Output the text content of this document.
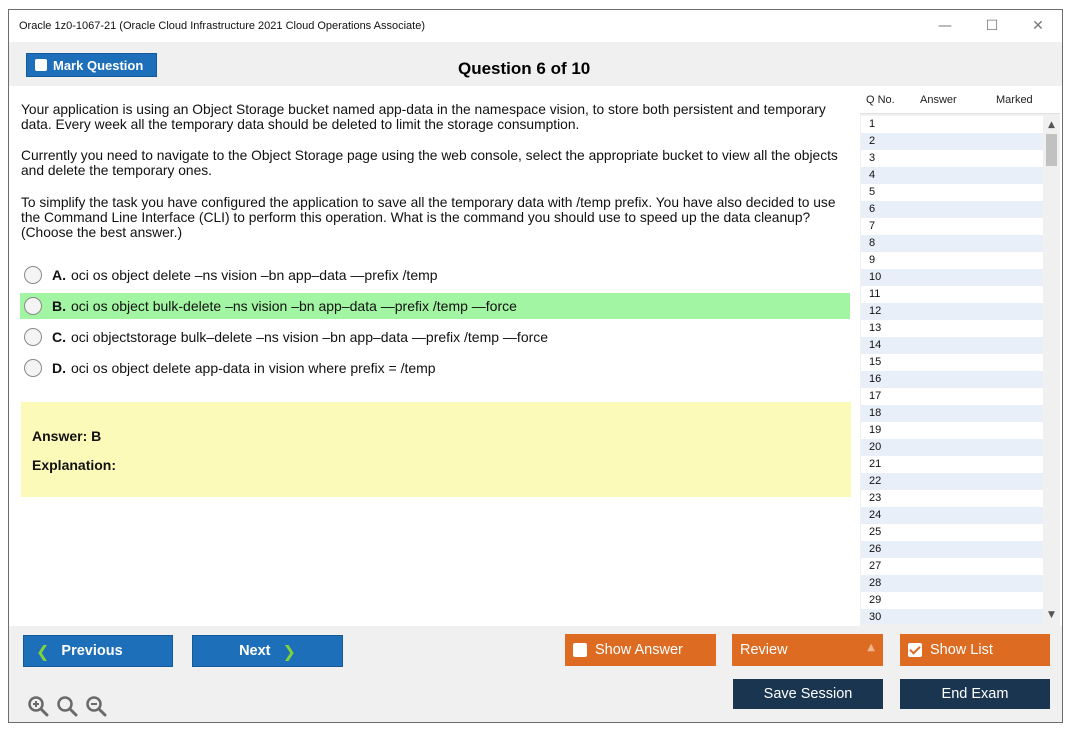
Oracle 1z0-1067-21 (Oracle Cloud Infrastructure 2021 Cloud Operations Associate)	—	☐	✕
Mark Question	Question 6 of 10

Your application is using an Object Storage bucket named app-data in the namespace vision, to store both persistent and temporary data. Every week all the temporary data should be deleted to limit the storage consumption.

Currently you need to navigate to the Object Storage page using the web console, select the appropriate bucket to view all the objects and delete the temporary ones.

To simplify the task you have configured the application to save all the temporary data with /temp prefix. You have also decided to use the Command Line Interface (CLI) to perform this operation. What is the command you should use to speed up the data cleanup? (Choose the best answer.)

A. oci os object delete –ns vision –bn app–data —prefix /temp
B. oci os object bulk-delete –ns vision –bn app–data —prefix /temp —force
C. oci objectstorage bulk–delete –ns vision –bn app–data —prefix /temp —force
D. oci os object delete app-data in vision where prefix = /temp
Answer: B
Explanation:
Q No. Answer	Marked
1
2
3
4
5
6
7
8
9
10
11
12
13
14
15
16
17
18
19
20
21
22
23
24
25
26
27
28
29
30
▲
▼
❮ Previous	Next ❯	Show Answer	Review	▲	Show List
Save Session	End Exam
